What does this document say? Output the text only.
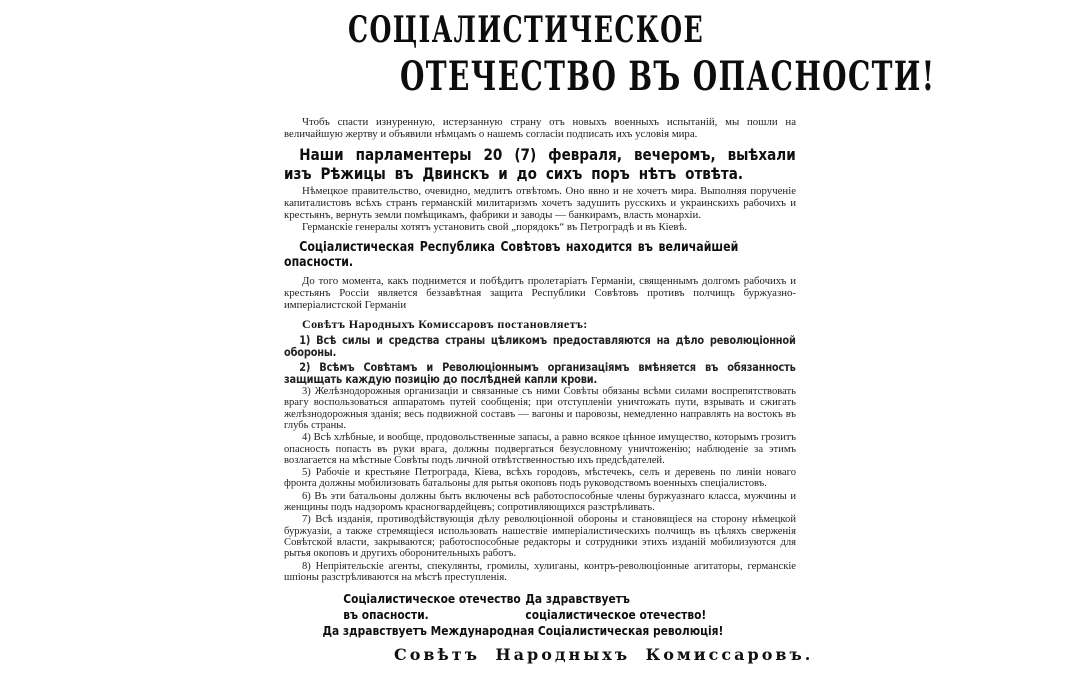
СОЦІАЛИСТИЧЕСКОЕ
ОТЕЧЕСТВО ВЪ ОПАСНОСТИ!

Чтобъ спасти изнуренную, истерзанную страну отъ новыхъ военныхъ испытаній, мы пошли на величайшую жертву и объявили нѣмцамъ о нашемъ согласіи подписать ихъ условія мира.

Наши парламентеры 20 (7) февраля, вечеромъ, выѣхали изъ Рѣжицы въ Двинскъ и до сихъ поръ нѣтъ отвѣта.

Нѣмецкое правительство, очевидно, медлитъ отвѣтомъ. Оно явно и не хочетъ мира. Выполняя порученіе капиталистовъ всѣхъ странъ германскій милитаризмъ хочетъ задушить русскихъ и украинскихъ рабочихъ и крестьянъ, вернуть земли помѣщикамъ, фабрики и заводы — банкирамъ, власть монархіи.

Германскіе генералы хотятъ установить свой „порядокъ“ въ Петроградѣ и въ Кіевѣ.

Соціалистическая Республика Совѣтовъ находится въ величайшей опасности.

До того момента, какъ поднимется и побѣдитъ пролетаріатъ Германіи, священнымъ долгомъ рабочихъ и крестьянъ Россіи является беззавѣтная защита Республики Совѣтовъ противъ полчищъ буржуазно-имперіалистской Германіи

Совѣтъ Народныхъ Комиссаровъ постановляетъ:

1) Всѣ силы и средства страны цѣликомъ предоставляются на дѣло революціонной обороны.

2) Всѣмъ Совѣтамъ и Революціоннымъ организаціямъ вмѣняется въ обязанность защищать каждую позицію до послѣдней капли крови.

3) Желѣзнодорожныя организаціи и связанные съ ними Совѣты обязаны всѣми силами воспрепятствовать врагу воспользоваться аппаратомъ путей сообщенія; при отступленіи уничтожать пути, взрывать и сжигать желѣзнодорожныя зданія; весь подвижной составъ — вагоны и паровозы, немедленно направлять на востокъ въ глубь страны.

4) Всѣ хлѣбные, и вообще, продовольственные запасы, а равно всякое цѣнное имущество, которымъ грозитъ опасность попасть въ руки врага, должны подвергаться безусловному уничтоженію; наблюденіе за этимъ возлагается на мѣстные Совѣты подъ личной отвѣтственностью ихъ предсѣдателей.

5) Рабочіе и крестьяне Петрограда, Кіева, всѣхъ городовъ, мѣстечекъ, селъ и деревень по линіи новаго фронта должны мобилизовать батальоны для рытья окоповъ подъ руководствомъ военныхъ спеціалистовъ.

6) Въ эти батальоны должны быть включены всѣ работоспособные члены буржуазнаго класса, мужчины и женщины подъ надзоромъ красногвардейцевъ; сопротивляющихся разстрѣливать.

7) Всѣ изданія, противодѣйствующія дѣлу революціонной обороны и становящіеся на сторону нѣмецкой буржуазіи, а также стремящіеся использовать нашествіе имперіалистическихъ полчищъ въ цѣляхъ сверженія Совѣтской власти, закрываются; работоспособные редакторы и сотрудники этихъ изданій мобилизуются для рытья окоповъ и другихъ оборонительныхъ работъ.

8) Непріятельскіе агенты, спекулянты, громилы, хулиганы, контръ-революціонные агитаторы, германскіе шпіоны разстрѣливаются на мѣстѣ преступленія.

Соціалистическое отечество въ опасности.
Да здравствуетъ соціалистическое отечество!
Да здравствуетъ Международная Соціалистическая революція!

Совѣтъ Народныхъ Комиссаровъ.
